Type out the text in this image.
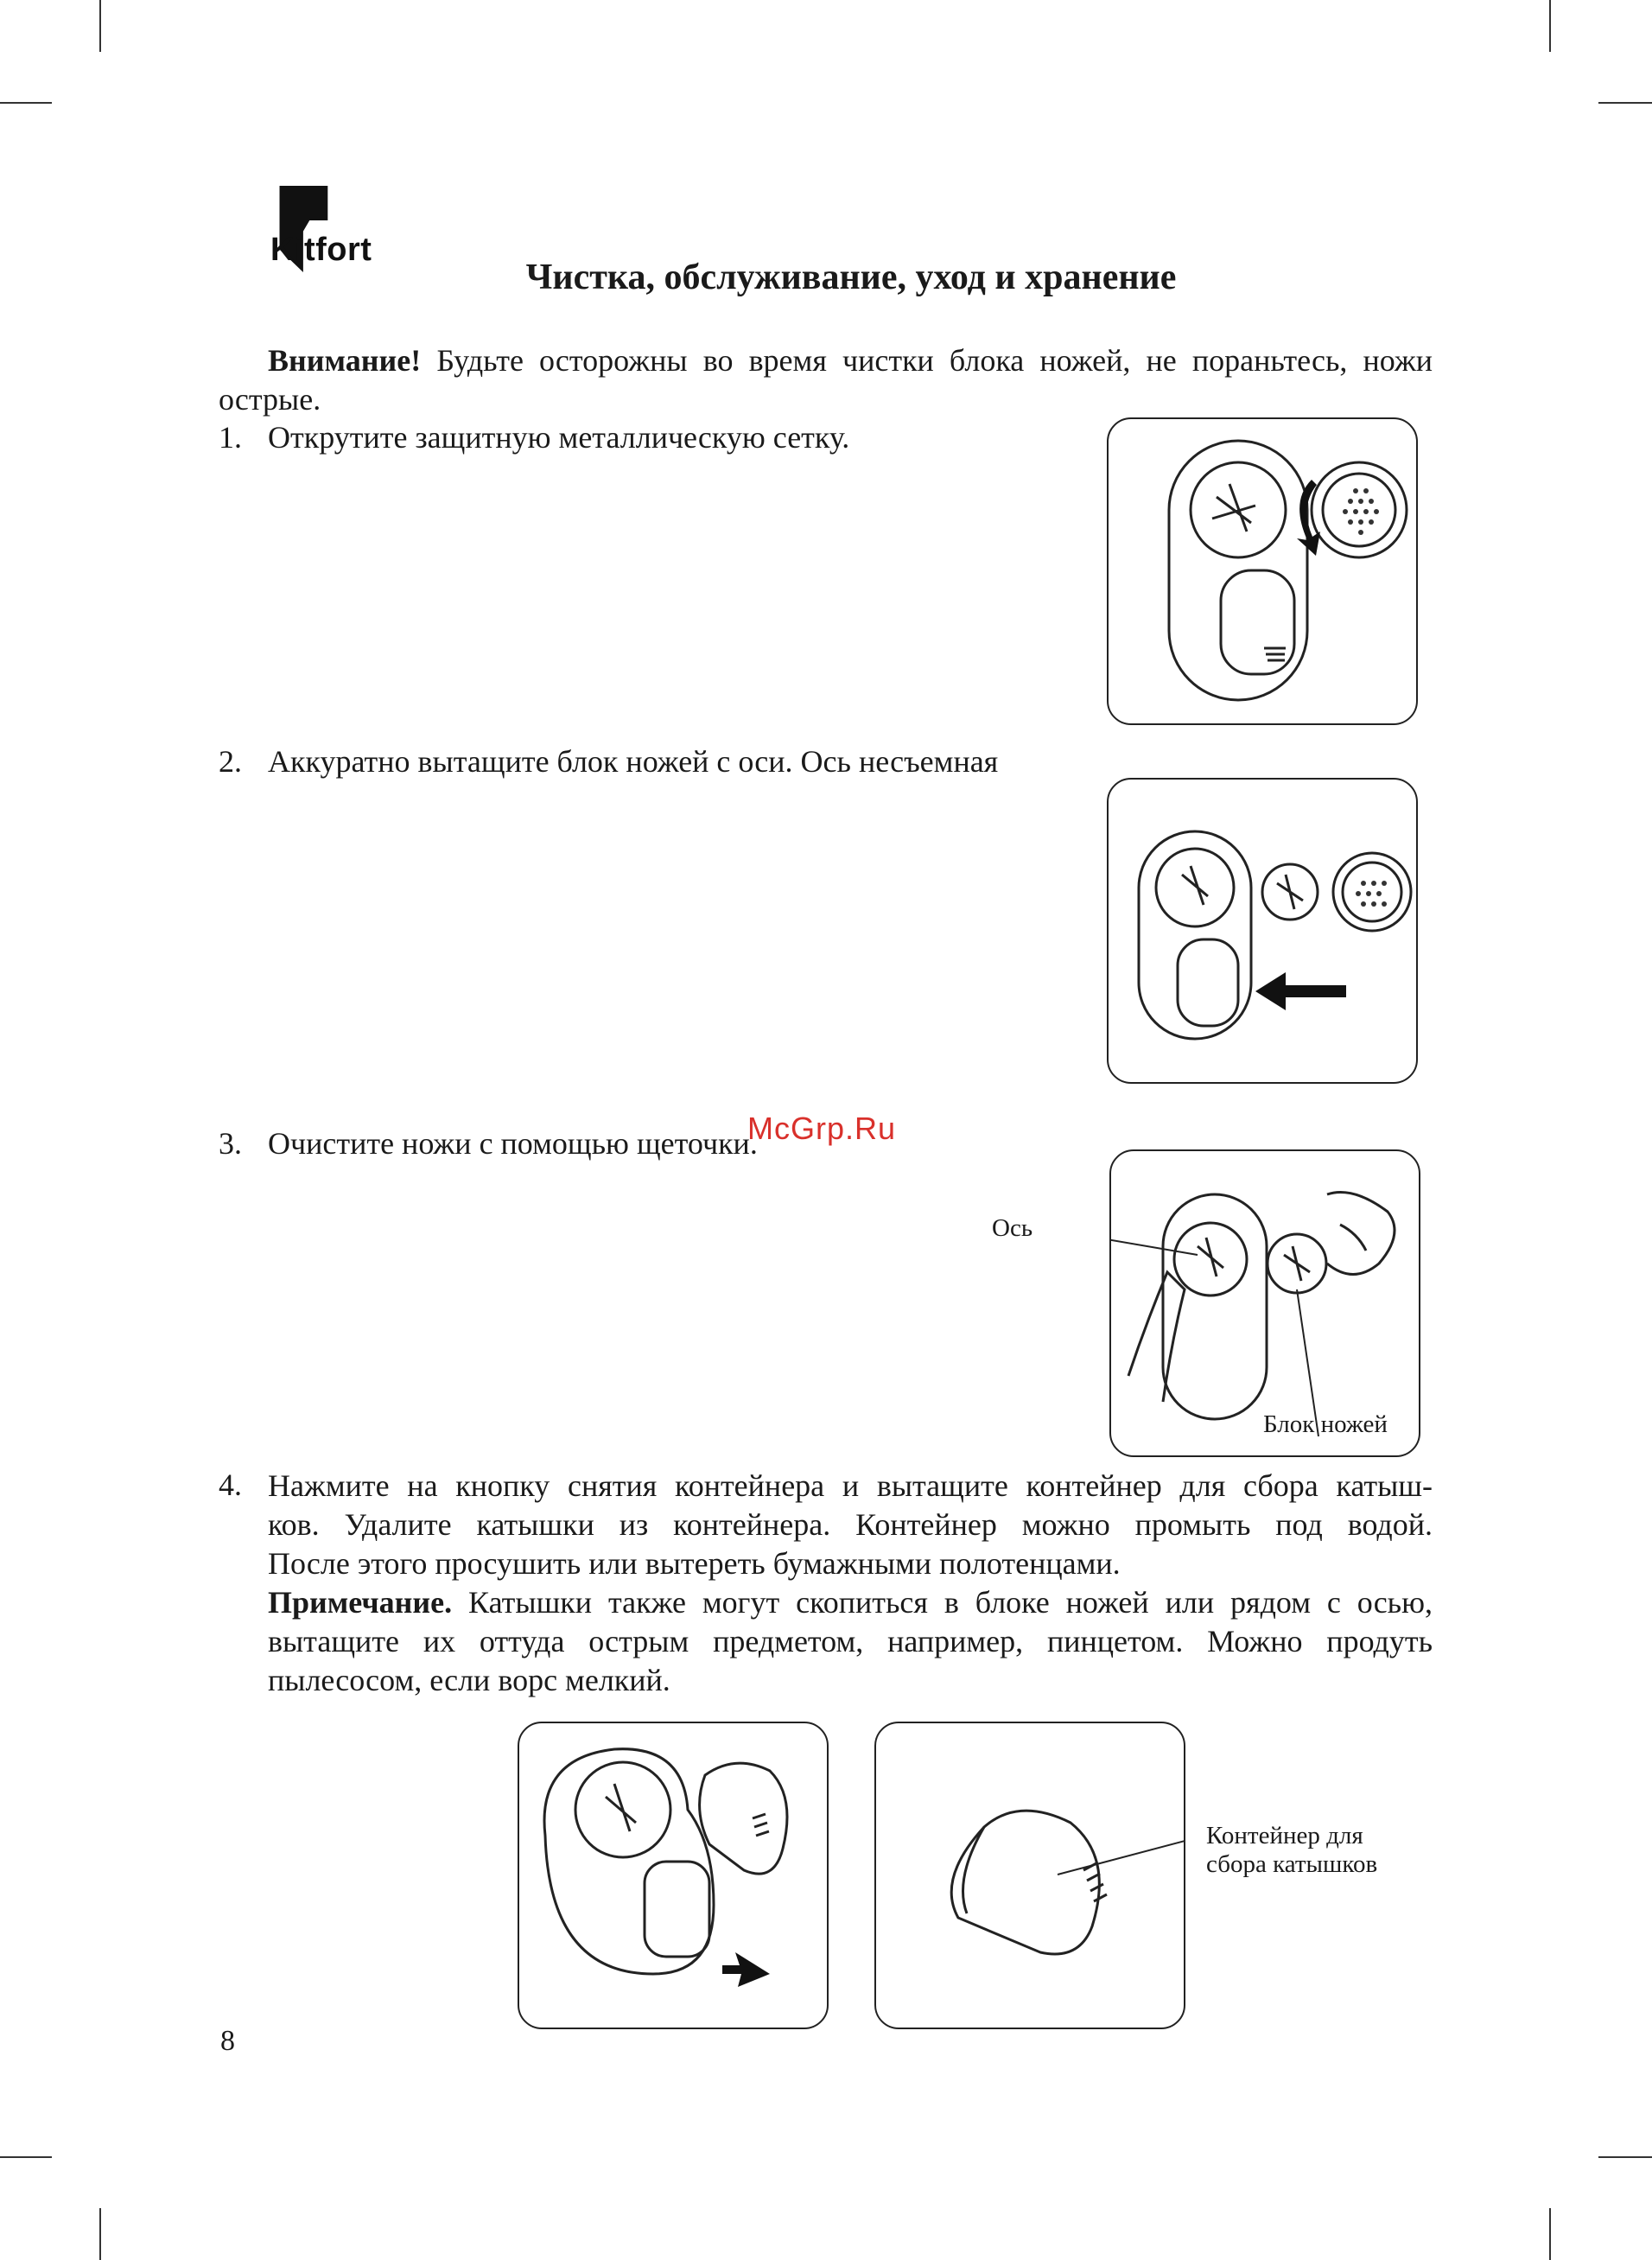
Kitfort
Чистка, обслуживание, уход и хранение
Внимание! Будьте осторожны во время чистки блока ножей, не пораньтесь, ножи острые.
1. Открутите защитную металлическую сетку.
2. Аккуратно вытащите блок ножей с оси. Ось несъемная
3. Очистите ножи с помощью щеточки.
4. Нажмите на кнопку снятия контейнера и вытащите контейнер для сбора катыш-
ков. Удалите катышки из контейнера. Контейнер можно промыть под водой.
После этого просушить или вытереть бумажными полотенцами.
Примечание. Катышки также могут скопиться в блоке ножей или рядом с осью,
вытащите их оттуда острым предметом, например, пинцетом. Можно продуть
пылесосом, если ворс мелкий.
Ось
Блок ножей
Контейнер для
сбора катышков
McGrp.Ru
8
